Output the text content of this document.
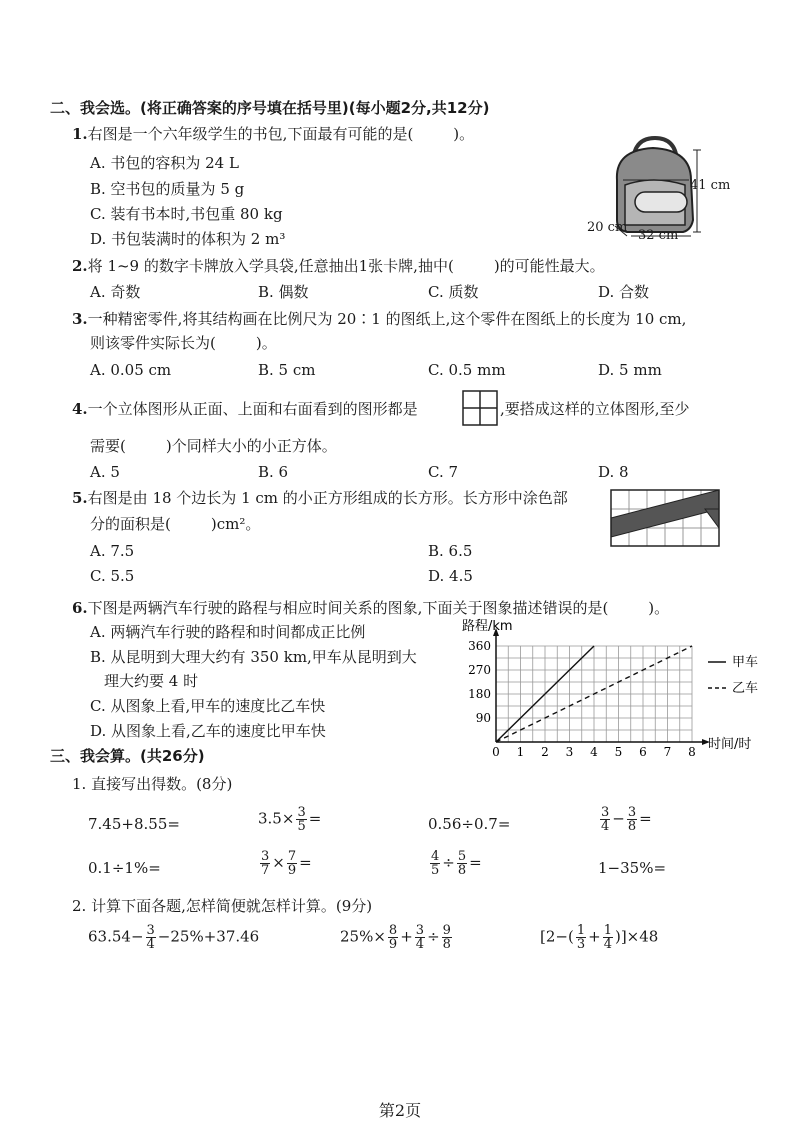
二、我会选。(将正确答案的序号填在括号里)(每小题2分,共12分)
1.右图是一个六年级学生的书包,下面最有可能的是(	)。
A. 书包的容积为 24 L
B. 空书包的质量为 5 g
C. 装有书本时,书包重 80 kg
D. 书包装满时的体积为 2 m³
41 cm
20 cm
32 cm
2.将 1~9 的数字卡牌放入学具袋,任意抽出1张卡牌,抽中(	)的可能性最大。
A. 奇数	B. 偶数	C. 质数	D. 合数
3.一种精密零件,将其结构画在比例尺为 20∶1 的图纸上,这个零件在图纸上的长度为 10 cm,
则该零件实际长为(	)。
A. 0.05 cm	B. 5 cm	C. 0.5 mm	D. 5 mm
4.一个立体图形从正面、上面和右面看到的图形都是	,要搭成这样的立体图形,至少
需要(	)个同样大小的小正方体。
A. 5	B. 6	C. 7	D. 8
5.右图是由 18 个边长为 1 cm 的小正方形组成的长方形。长方形中涂色部
分的面积是(	)cm²。
A. 7.5	B. 6.5
C. 5.5	D. 4.5
6.下图是两辆汽车行驶的路程与相应时间关系的图象,下面关于图象描述错误的是(	)。
A. 两辆汽车行驶的路程和时间都成正比例
B. 从昆明到大理大约有 350 km,甲车从昆明到大
理大约要 4 时
C. 从图象上看,甲车的速度比乙车快
D. 从图象上看,乙车的速度比甲车快
0 1 2 3 4 5 6 7 8
90
180
270
360
路程/km
时间/时
甲车
乙车
三、我会算。(共26分)
1. 直接写出得数。(8分)
7.45+8.55=	$3.5\times \frac{3}{5}$ =	0.56÷0.7=	$\frac{3}{4} - \frac{3}{8}$ =
0.1÷1%=	$\frac{3}{7} \times \frac{7}{9}$ =	$\frac{4}{5} \div \frac{5}{8}$ =	1−35%=
2. 计算下面各题,怎样简便就怎样计算。(9分)
$63.54- \frac{3}{4} -25\%+37.46$	$25\%\times \frac{8}{9} + \frac{3}{4} \div \frac{9}{8}$	$[2-( \frac{1}{3} + \frac{1}{4} )]\times 48$
第2页
